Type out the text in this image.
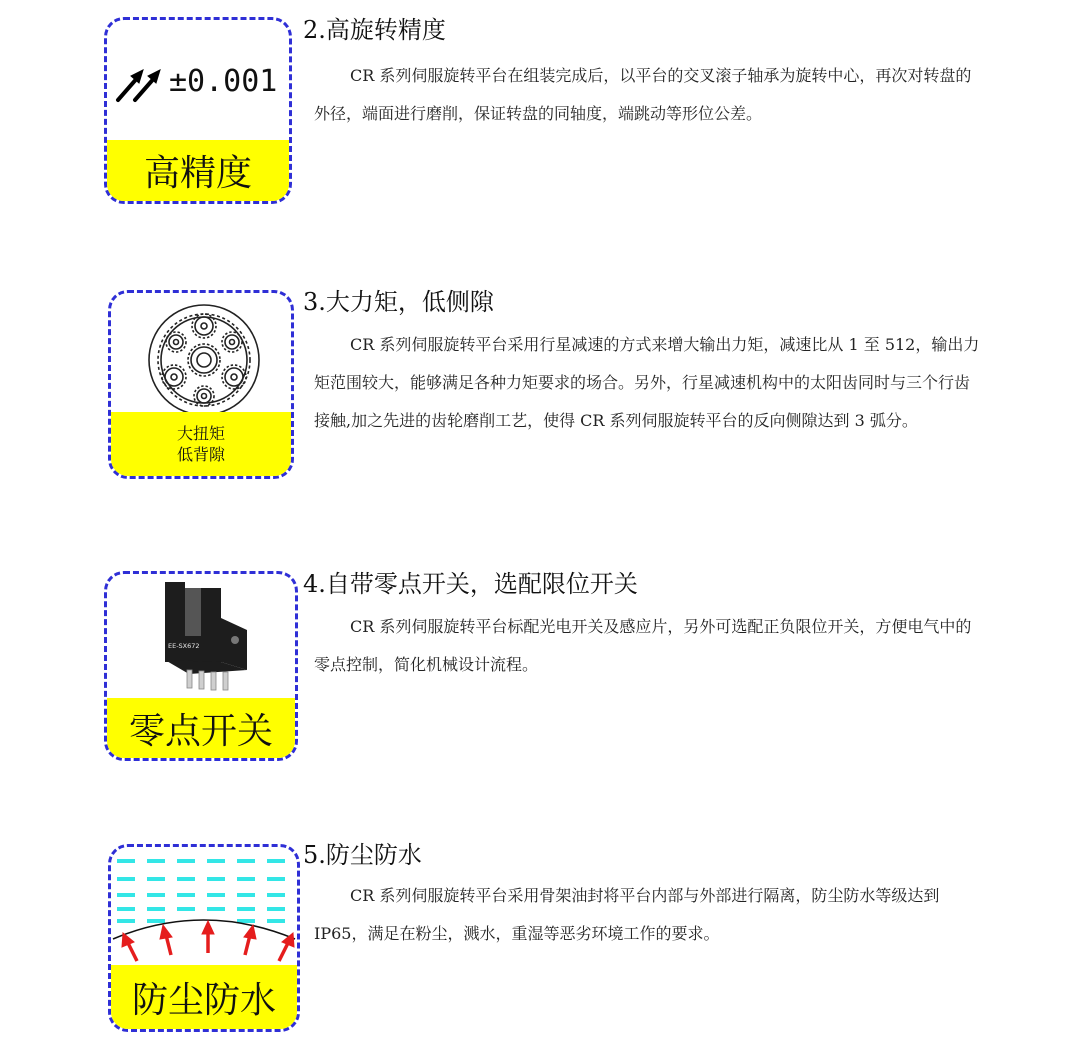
±0.001
高精度
2.高旋转精度

CR 系列伺服旋转平台在组装完成后，以平台的交叉滚子轴承为旋转中心，再次对转盘的外径，端面进行磨削，保证转盘的同轴度，端跳动等形位公差。

大扭矩
低背隙
3.大力矩，低侧隙

CR 系列伺服旋转平台采用行星减速的方式来增大输出力矩，减速比从 1 至 512，输出力矩范围较大，能够满足各种力矩要求的场合。另外，行星减速机构中的太阳齿同时与三个行齿接触,加之先进的齿轮磨削工艺，使得 CR 系列伺服旋转平台的反向侧隙达到 3 弧分。

EE-SX672
零点开关
4.自带零点开关，选配限位开关

CR 系列伺服旋转平台标配光电开关及感应片，另外可选配正负限位开关，方便电气中的零点控制，简化机械设计流程。

防尘防水
5.防尘防水

CR 系列伺服旋转平台采用骨架油封将平台内部与外部进行隔离，防尘防水等级达到 IP65，满足在粉尘，溅水，重湿等恶劣环境工作的要求。
